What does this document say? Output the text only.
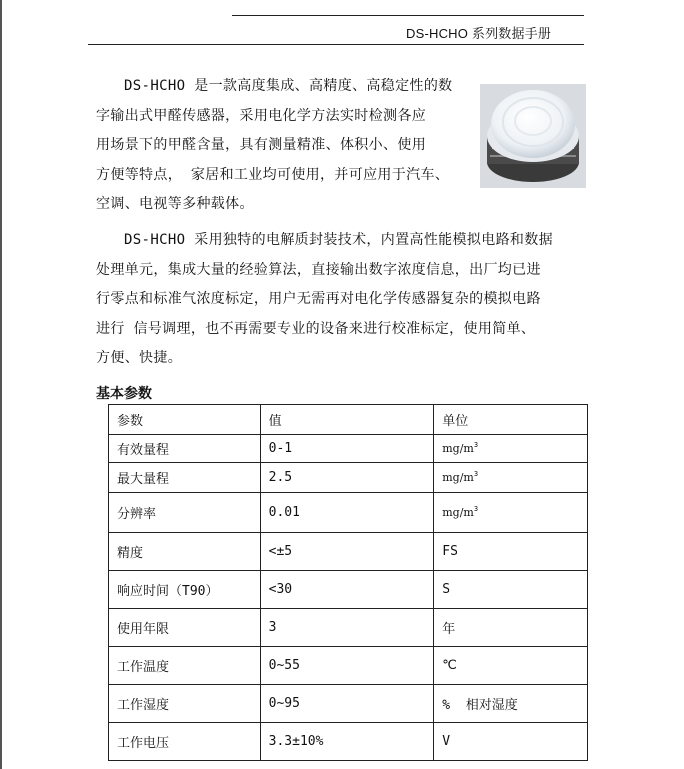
DS-HCHO 系列数据手册
DS-HCHO 是一款高度集成、高精度、高稳定性的数
字输出式甲醛传感器，采用电化学方法实时检测各应
用场景下的甲醛含量，具有测量精准、体积小、使用
方便等特点， 家居和工业均可使用，并可应用于汽车、
空调、电视等多种载体。
DS-HCHO 采用独特的电解质封装技术，内置高性能模拟电路和数据
处理单元，集成大量的经验算法，直接输出数字浓度信息，出厂均已进
行零点和标准气浓度标定，用户无需再对电化学传感器复杂的模拟电路
进行 信号调理，也不再需要专业的设备来进行校准标定，使用简单、
方便、快捷。
基本参数
参数	值	单位
有效量程	0-1	$mg/m^3$
最大量程	2.5	$mg/m^3$
分辨率	0.01	$mg/m^3$
精度	<±5	FS
响应时间（T90）	<30	S
使用年限	3	年
工作温度	0~55	℃
工作湿度	0~95	%  相对湿度
工作电压	3.3±10%	V
